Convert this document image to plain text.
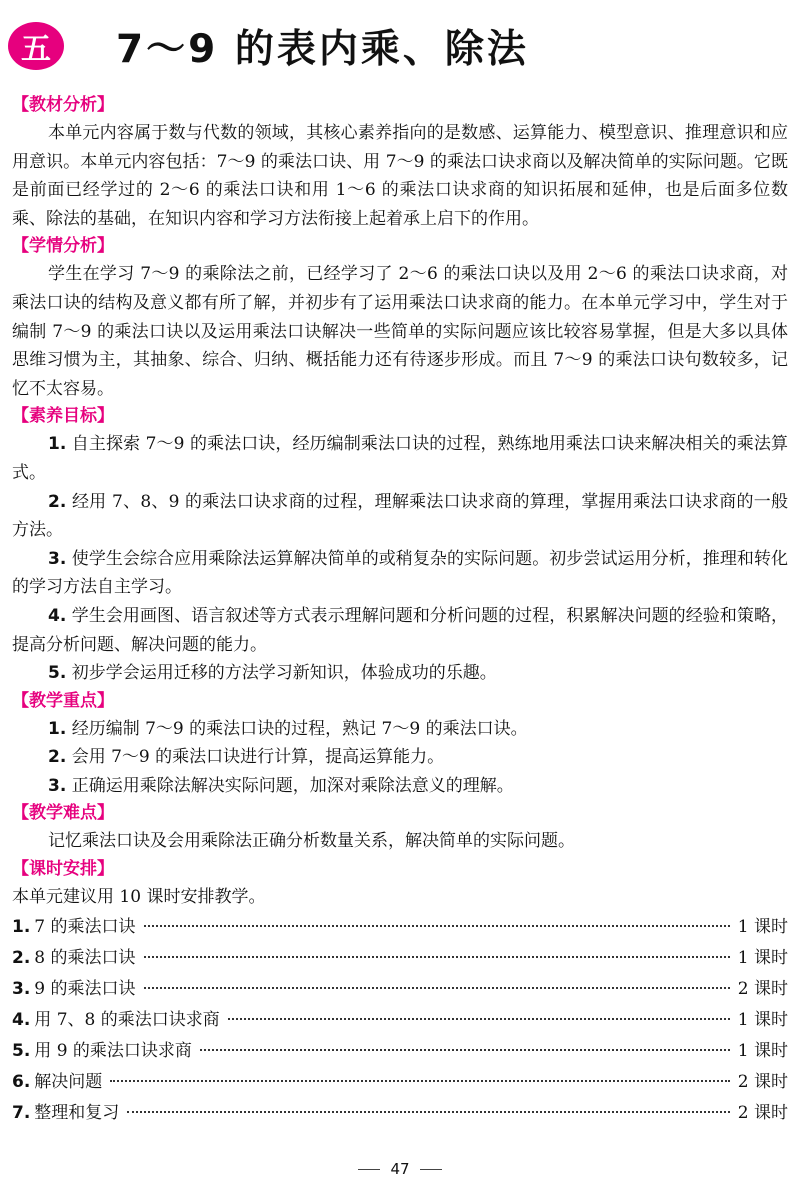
五	7～9 的表内乘、除法
【教材分析】

本单元内容属于数与代数的领域，其核心素养指向的是数感、运算能力、模型意识、推理意识和应用意识。本单元内容包括：7～9 的乘法口诀、用 7～9 的乘法口诀求商以及解决简单的实际问题。它既是前面已经学过的 2～6 的乘法口诀和用 1～6 的乘法口诀求商的知识拓展和延伸，也是后面多位数乘、除法的基础，在知识内容和学习方法衔接上起着承上启下的作用。

【学情分析】

学生在学习 7～9 的乘除法之前，已经学习了 2～6 的乘法口诀以及用 2～6 的乘法口诀求商，对乘法口诀的结构及意义都有所了解，并初步有了运用乘法口诀求商的能力。在本单元学习中，学生对于编制 7～9 的乘法口诀以及运用乘法口诀解决一些简单的实际问题应该比较容易掌握，但是大多以具体思维习惯为主，其抽象、综合、归纳、概括能力还有待逐步形成。而且 7～9 的乘法口诀句数较多，记忆不太容易。

【素养目标】

1. 自主探索 7～9 的乘法口诀，经历编制乘法口诀的过程，熟练地用乘法口诀来解决相关的乘法算式。

2. 经用 7、8、9 的乘法口诀求商的过程，理解乘法口诀求商的算理，掌握用乘法口诀求商的一般方法。

3. 使学生会综合应用乘除法运算解决简单的或稍复杂的实际问题。初步尝试运用分析，推理和转化的学习方法自主学习。

4. 学生会用画图、语言叙述等方式表示理解问题和分析问题的过程，积累解决问题的经验和策略，提高分析问题、解决问题的能力。

5. 初步学会运用迁移的方法学习新知识，体验成功的乐趣。

【教学重点】

1. 经历编制 7～9 的乘法口诀的过程，熟记 7～9 的乘法口诀。

2. 会用 7～9 的乘法口诀进行计算，提高运算能力。

3. 正确运用乘除法解决实际问题，加深对乘除法意义的理解。

【教学难点】

记忆乘法口诀及会用乘除法正确分析数量关系，解决简单的实际问题。

【课时安排】

本单元建议用 10 课时安排教学。

1. 7 的乘法口诀	1 课时
2. 8 的乘法口诀	1 课时
3. 9 的乘法口诀	2 课时
4. 用 7、8 的乘法口诀求商	1 课时
5. 用 9 的乘法口诀求商	1 课时
6. 解决问题	2 课时
7. 整理和复习	2 课时
47
